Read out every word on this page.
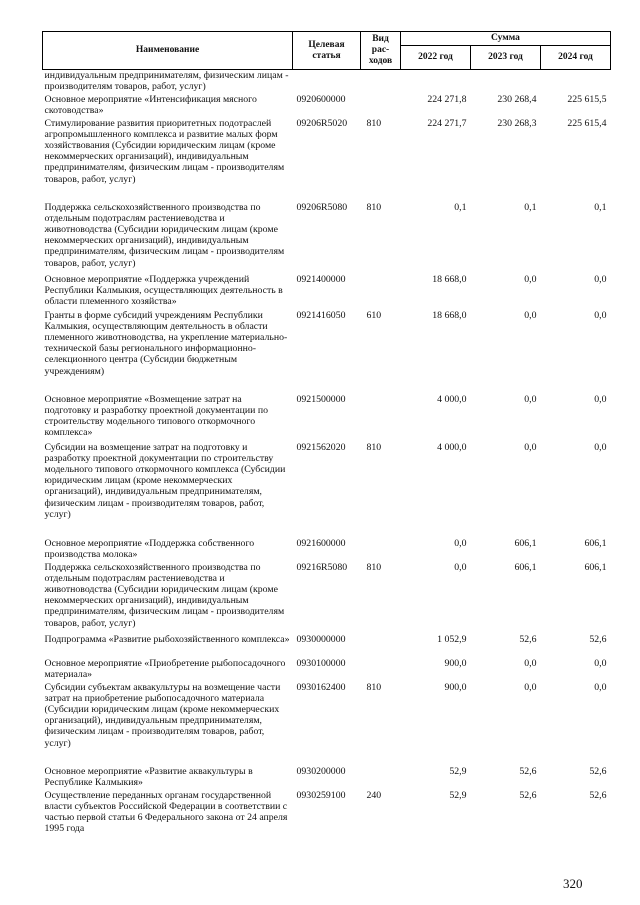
Наименование	Целевая статья	Вид рас-ходов	Сумма		
			2022 год	2023 год	2024 год
индивидуальным предпринимателям, физическим лицам - производителям товаров, работ, услуг)					
Основное мероприятие «Интенсификация мясного скотоводства»	0920600000		224 271,8	230 268,4	225 615,5
Стимулирование развития приоритетных подотраслей агропромышленного комплекса и развитие малых форм хозяйствования (Субсидии юридическим лицам (кроме некоммерческих организаций), индивидуальным предпринимателям, физическим лицам - производителям товаров, работ, услуг)	09206R5020	810	224 271,7	230 268,3	225 615,4
Поддержка сельскохозяйственного производства по отдельным подотраслям растениеводства и животноводства (Субсидии юридическим лицам (кроме некоммерческих организаций), индивидуальным предпринимателям, физическим лицам - производителям товаров, работ, услуг)	09206R5080	810	0,1	0,1	0,1
Основное мероприятие «Поддержка учреждений Республики Калмыкия, осуществляющих деятельность в области племенного хозяйства»	0921400000		18 668,0	0,0	0,0
Гранты в форме субсидий учреждениям Республики Калмыкия, осуществляющим деятельность в области племенного животноводства, на укрепление материально-технической базы регионального информационно-селекционного центра (Субсидии бюджетным учреждениям)	0921416050	610	18 668,0	0,0	0,0
Основное мероприятие «Возмещение затрат на подготовку и разработку проектной документации по строительству модельного типового откормочного комплекса»	0921500000		4 000,0	0,0	0,0
Субсидии на возмещение затрат на подготовку и разработку проектной документации по строительству модельного типового откормочного комплекса (Субсидии юридическим лицам (кроме некоммерческих организаций), индивидуальным предпринимателям, физическим лицам - производителям товаров, работ, услуг)	0921562020	810	4 000,0	0,0	0,0
Основное мероприятие «Поддержка собственного производства молока»	0921600000		0,0	606,1	606,1
Поддержка сельскохозяйственного производства по отдельным подотраслям растениеводства и животноводства (Субсидии юридическим лицам (кроме некоммерческих организаций), индивидуальным предпринимателям, физическим лицам - производителям товаров, работ, услуг)	09216R5080	810	0,0	606,1	606,1
Подпрограмма «Развитие рыбохозяйственного комплекса»	0930000000		1 052,9	52,6	52,6
Основное мероприятие «Приобретение рыбопосадочного материала»	0930100000		900,0	0,0	0,0
Субсидии субъектам аквакультуры на возмещение части затрат на приобретение рыбопосадочного материала (Субсидии юридическим лицам (кроме некоммерческих организаций), индивидуальным предпринимателям, физическим лицам - производителям товаров, работ, услуг)	0930162400	810	900,0	0,0	0,0
Основное мероприятие «Развитие аквакультуры в Республике Калмыкия»	0930200000		52,9	52,6	52,6
Осуществление переданных органам государственной власти субъектов Российской Федерации в соответствии с частью первой статьи 6 Федерального закона от 24 апреля 1995 года	0930259100	240	52,9	52,6	52,6
320
